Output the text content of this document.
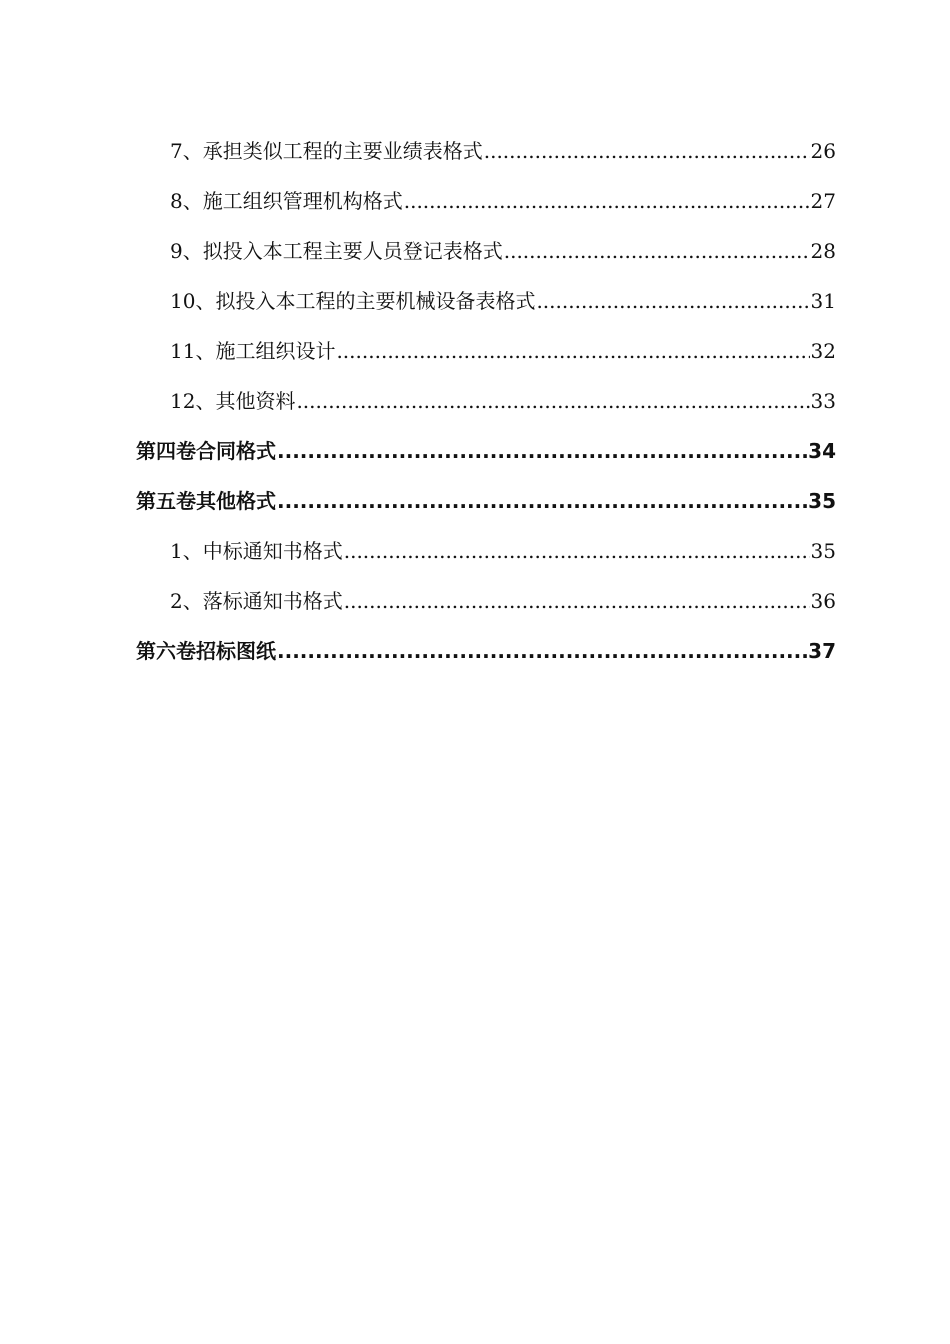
7、承担类似工程的主要业绩表格式 .....	26
8、施工组织管理机构格式 .....	27
9、拟投入本工程主要人员登记表格式 .....	28
10、拟投入本工程的主要机械设备表格式 .....	31
11、施工组织设计 .....	32
12、其他资料 .....	33
第四卷 合同格式 .....	34
第五卷 其他格式 .....	35
1、中标通知书格式 .....	35
2、落标通知书格式 .....	36
第六卷 招标图纸 .....	37
